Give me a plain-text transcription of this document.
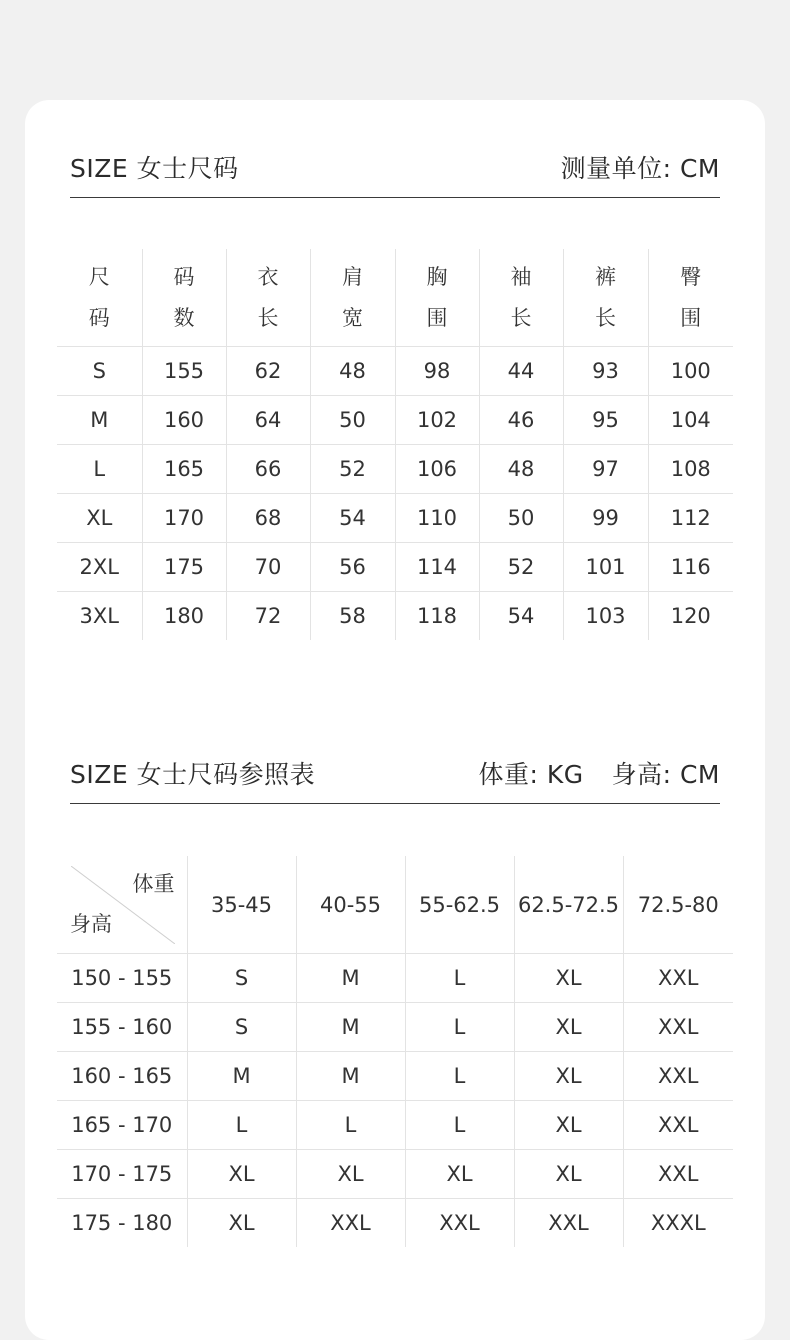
SIZE 女士尺码	测量单位: CM
尺码	码数	衣长	肩宽	胸围	袖长	裤长	臀围
S	155	62	48	98	44	93	100
M	160	64	50	102	46	95	104
L	165	66	52	106	48	97	108
XL	170	68	54	110	50	99	112
2XL	175	70	56	114	52	101	116
3XL	180	72	58	118	54	103	120
SIZE 女士尺码参照表	体重: KG 身高: CM
体重
身高	35-45	40-55	55-62.5	62.5-72.5	72.5-80
150 - 155	S	M	L	XL	XXL
155 - 160	S	M	L	XL	XXL
160 - 165	M	M	L	XL	XXL
165 - 170	L	L	L	XL	XXL
170 - 175	XL	XL	XL	XL	XXL
175 - 180	XL	XXL	XXL	XXL	XXXL
